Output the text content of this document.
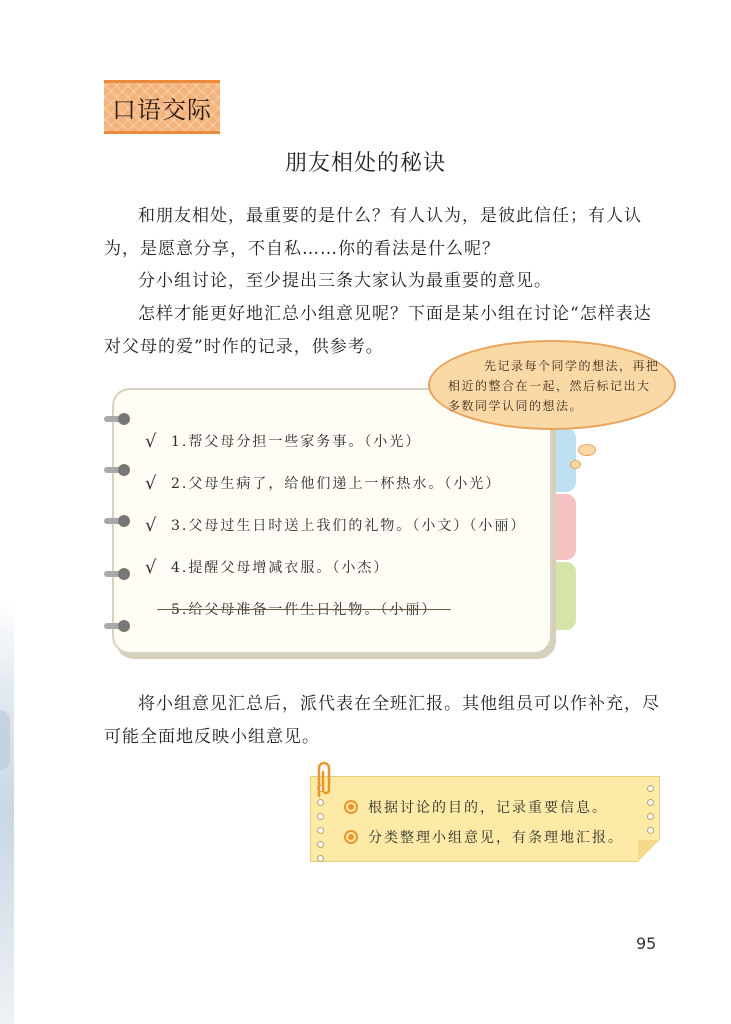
口语交际
朋友相处的秘诀

和朋友相处，最重要的是什么？有人认为，是彼此信任；有人认为，是愿意分享，不自私……你的看法是什么呢？

分小组讨论，至少提出三条大家认为最重要的意见。

怎样才能更好地汇总小组意见呢？下面是某小组在讨论“怎样表达对父母的爱”时作的记录，供参考。

√ 1.帮父母分担一些家务事。（小光）
√ 2.父母生病了，给他们递上一杯热水。（小光）
√ 3.父母过生日时送上我们的礼物。（小文）（小丽）
√ 4.提醒父母增减衣服。（小杰）
5.给父母准备一件生日礼物。（小丽）

先记录每个同学的想法，再把相近的整合在一起，然后标记出大多数同学认同的想法。

将小组意见汇总后，派代表在全班汇报。其他组员可以作补充，尽可能全面地反映小组意见。

根据讨论的目的，记录重要信息。
分类整理小组意见，有条理地汇报。
95
